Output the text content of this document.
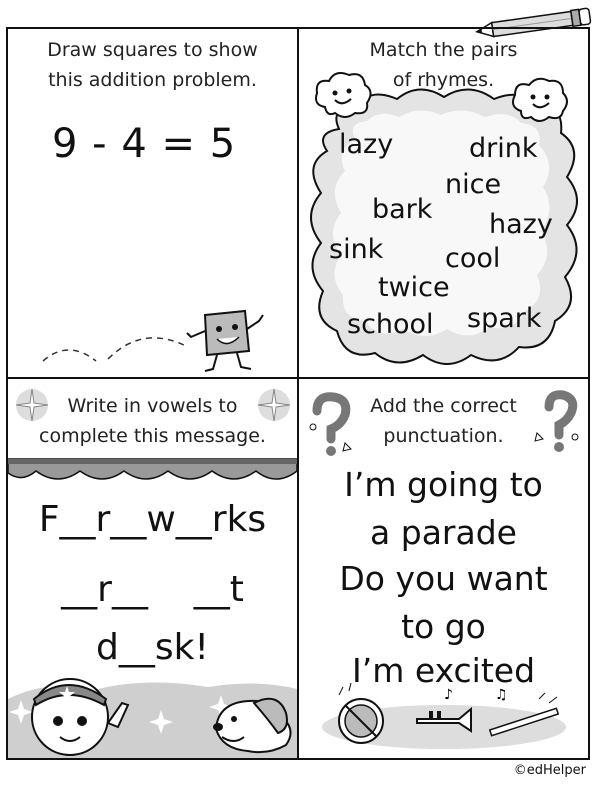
Draw squares to show
this addition problem.
9 - 4 = 5
Match the pairs
of rhymes.
lazy	drink
nice
bark hazy
sink cool
twice
school spark
Write in vowels to
complete this message.
F__r__w__rks
__r__    __t
d__sk!
Add the correct
punctuation.
I’m going to
a parade
Do you want
to go
I’m excited
♪	♫
©edHelper
